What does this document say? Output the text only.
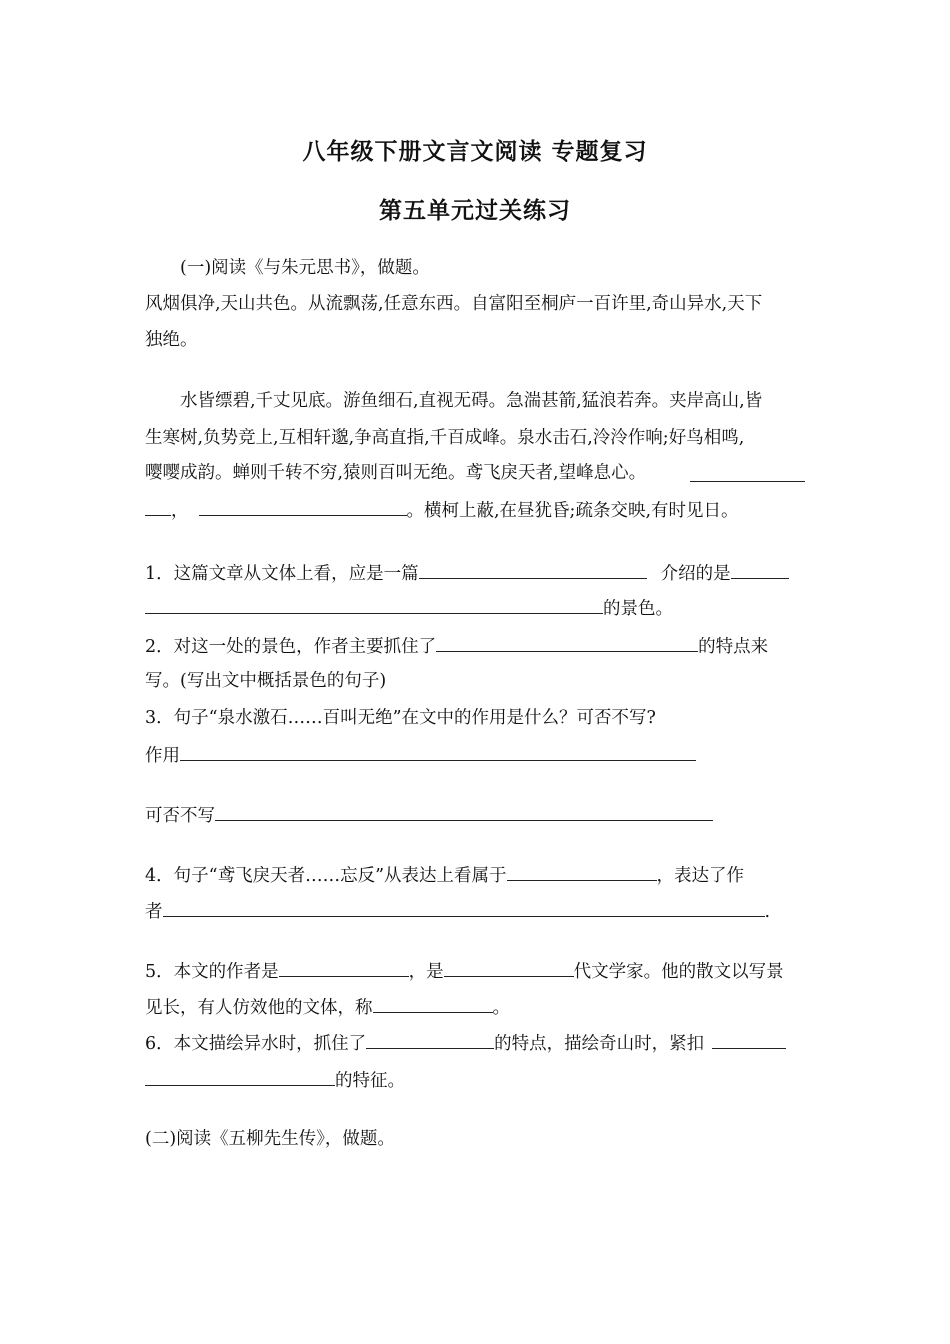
八年级下册文言文阅读 专题复习
第五单元过关练习
(一)阅读《与朱元思书》，做题。
风烟俱净,天山共色。从流飘荡,任意东西。自富阳至桐庐一百许里,奇山异水,天下
独绝。
水皆缥碧,千丈见底。游鱼细石,直视无碍。急湍甚箭,猛浪若奔。夹岸高山,皆
生寒树,负势竞上,互相轩邈,争高直指,千百成峰。泉水击石,泠泠作响;好鸟相鸣,
嘤嘤成韵。蝉则千转不穷,猿则百叫无绝。鸢飞戾天者,望峰息心。
，	。横柯上蔽,在昼犹昏;疏条交映,有时见日。
1．这篇文章从文体上看，应是一篇	介绍的是
的景色。
2．对这一处的景色，作者主要抓住了	的特点来
写。(写出文中概括景色的句子)
3．句子“泉水激石……百叫无绝”在文中的作用是什么？可否不写?
作用
可否不写
4．句子“鸢飞戾天者……忘反”从表达上看属于	，表达了作
者	.
5．本文的作者是	，是	代文学家。他的散文以写景
见长，有人仿效他的文体，称	。
6．本文描绘异水时，抓住了	的特点，描绘奇山时，紧扣
的特征。
(二)阅读《五柳先生传》，做题。
